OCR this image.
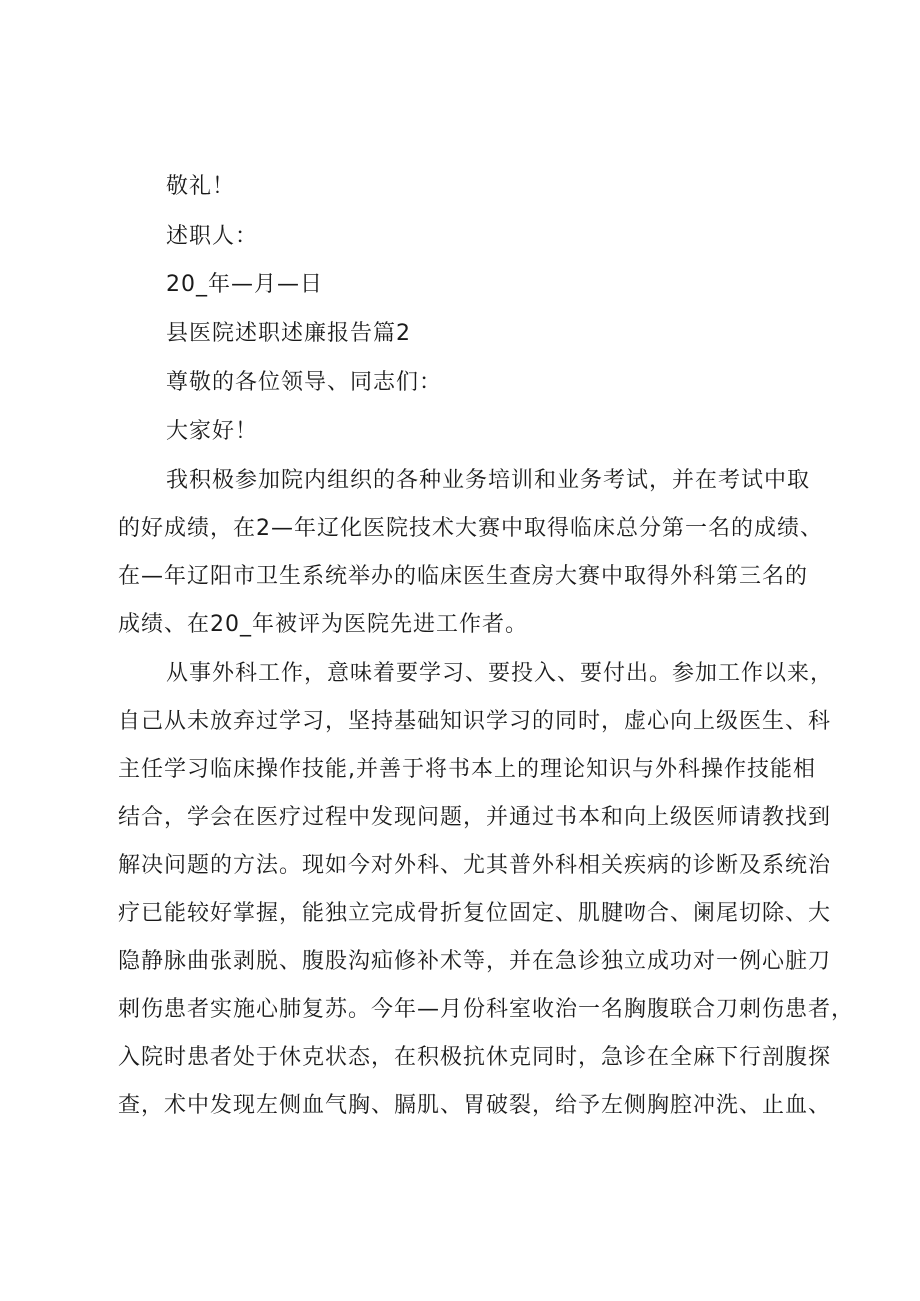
敬礼！
述职人：
20_年—月—日
县医院述职述廉报告篇2
尊敬的各位领导、同志们：
大家好！
我积极参加院内组织的各种业务培训和业务考试，并在考试中取
的好成绩，在2—年辽化医院技术大赛中取得临床总分第一名的成绩、
在—年辽阳市卫生系统举办的临床医生查房大赛中取得外科第三名的
成绩、在20_年被评为医院先进工作者。
从事外科工作，意味着要学习、要投入、要付出。参加工作以来，
自己从未放弃过学习，坚持基础知识学习的同时，虚心向上级医生、科
主任学习临床操作技能,并善于将书本上的理论知识与外科操作技能相
结合，学会在医疗过程中发现问题，并通过书本和向上级医师请教找到
解决问题的方法。现如今对外科、尤其普外科相关疾病的诊断及系统治
疗已能较好掌握，能独立完成骨折复位固定、肌腱吻合、阑尾切除、大
隐静脉曲张剥脱、腹股沟疝修补术等，并在急诊独立成功对一例心脏刀
刺伤患者实施心肺复苏。今年—月份科室收治一名胸腹联合刀刺伤患者，
入院时患者处于休克状态，在积极抗休克同时，急诊在全麻下行剖腹探
查，术中发现左侧血气胸、膈肌、胃破裂，给予左侧胸腔冲洗、止血、
